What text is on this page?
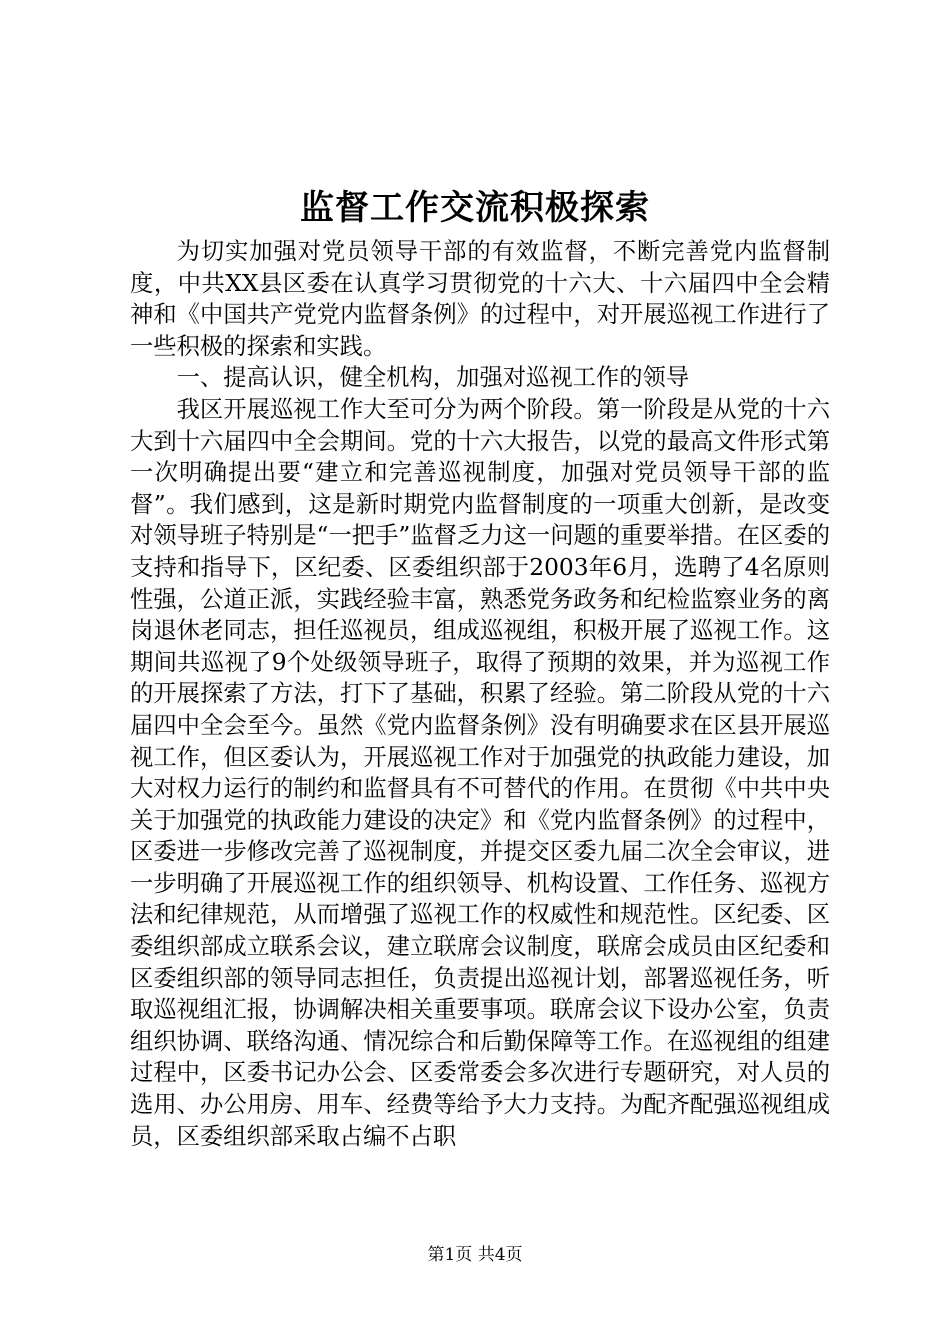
监督工作交流积极探索

为切实加强对党员领导干部的有效监督，不断完善党内监督制度，中共XX县区委在认真学习贯彻党的十六大、十六届四中全会精神和《中国共产党党内监督条例》的过程中，对开展巡视工作进行了一些积极的探索和实践。

一、提高认识，健全机构，加强对巡视工作的领导

我区开展巡视工作大至可分为两个阶段。第一阶段是从党的十六大到十六届四中全会期间。党的十六大报告，以党的最高文件形式第一次明确提出要“建立和完善巡视制度，加强对党员领导干部的监督”。我们感到，这是新时期党内监督制度的一项重大创新，是改变对领导班子特别是“一把手”监督乏力这一问题的重要举措。在区委的支持和指导下，区纪委、区委组织部于2003年6月，选聘了4名原则性强，公道正派，实践经验丰富，熟悉党务政务和纪检监察业务的离岗退休老同志，担任巡视员，组成巡视组，积极开展了巡视工作。这期间共巡视了9个处级领导班子，取得了预期的效果，并为巡视工作的开展探索了方法，打下了基础，积累了经验。第二阶段从党的十六届四中全会至今。虽然《党内监督条例》没有明确要求在区县开展巡视工作，但区委认为，开展巡视工作对于加强党的执政能力建设，加大对权力运行的制约和监督具有不可替代的作用。在贯彻《中共中央关于加强党的执政能力建设的决定》和《党内监督条例》的过程中，区委进一步修改完善了巡视制度，并提交区委九届二次全会审议，进一步明确了开展巡视工作的组织领导、机构设置、工作任务、巡视方法和纪律规范，从而增强了巡视工作的权威性和规范性。区纪委、区委组织部成立联系会议，建立联席会议制度，联席会成员由区纪委和区委组织部的领导同志担任，负责提出巡视计划，部署巡视任务，听取巡视组汇报，协调解决相关重要事项。联席会议下设办公室，负责组织协调、联络沟通、情况综合和后勤保障等工作。在巡视组的组建过程中，区委书记办公会、区委常委会多次进行专题研究，对人员的选用、办公用房、用车、经费等给予大力支持。为配齐配强巡视组成员，区委组织部采取占编不占职

第1页 共4页
